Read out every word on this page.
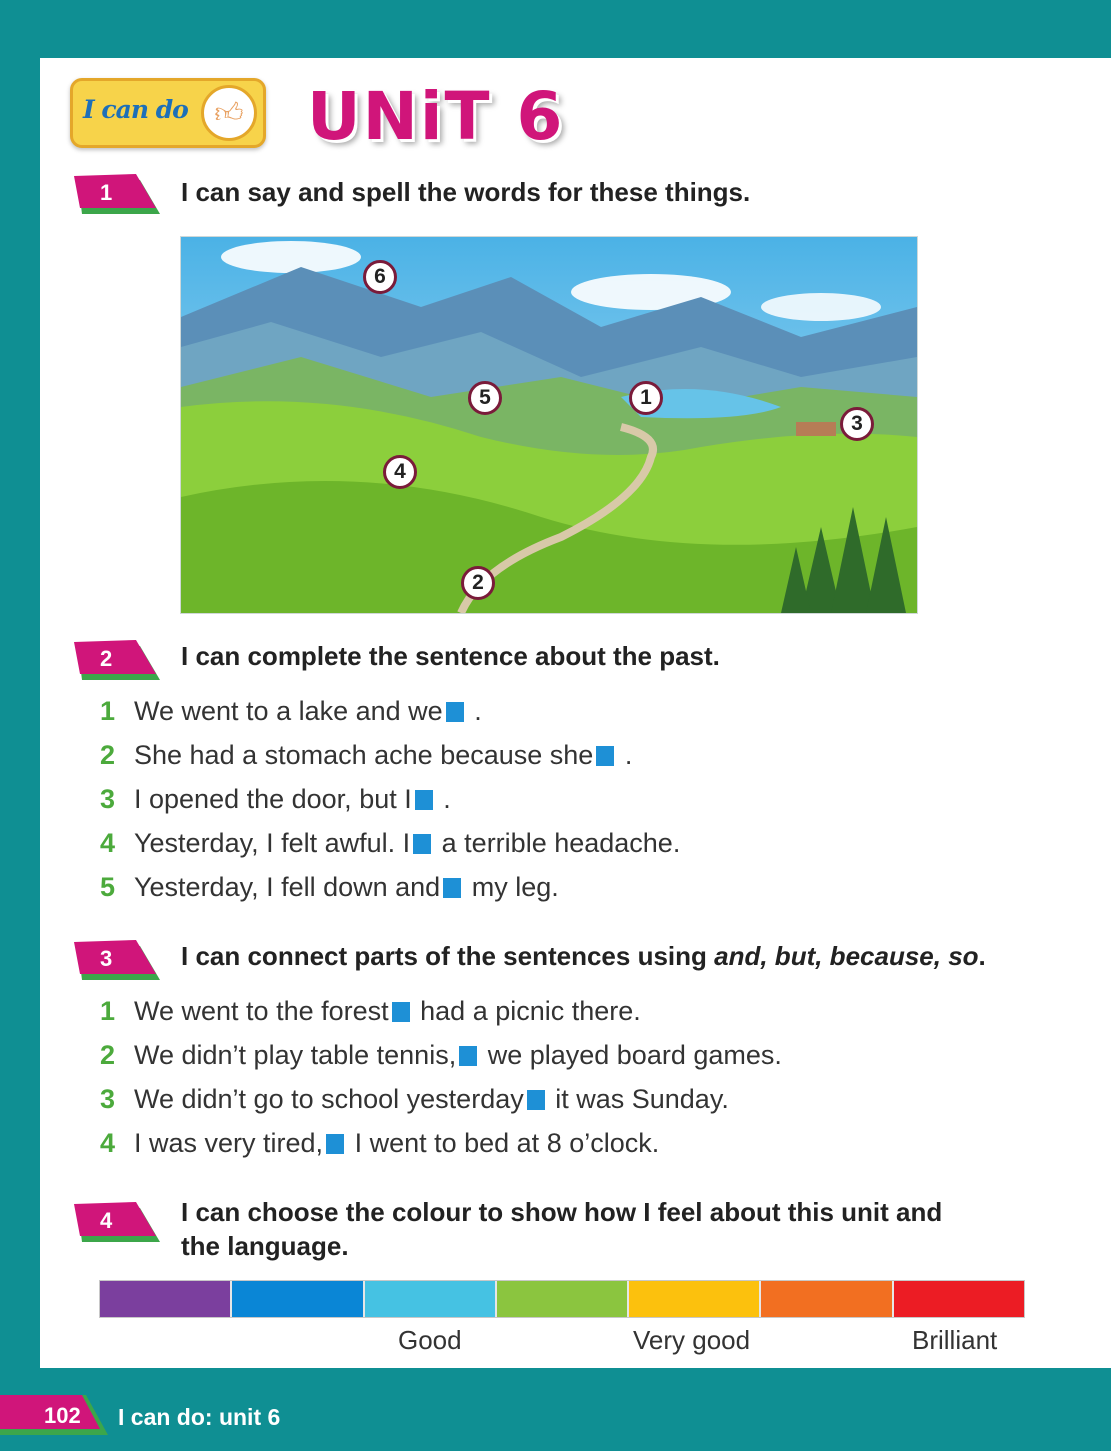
I can do 👍︎ UNiT 6
1	I can say and spell the words for these things.
6
5	1
3
4
2
2	I can complete the sentence about the past.
1 We went to a lake and we .
2 She had a stomach ache because she .
3 I opened the door, but I .
4 Yesterday, I felt awful. I a terrible headache.
5 Yesterday, I fell down and my leg.
3	I can connect parts of the sentences using and, but, because, so.
1 We went to the forest had a picnic there.
2 We didn’t play table tennis, we played board games.
3 We didn’t go to school yesterday it was Sunday.
4 I was very tired, I went to bed at 8 o’clock.
4	I can choose the colour to show how I feel about this unit and
the language.
Good	Very good	Brilliant
102 I can do: unit 6
